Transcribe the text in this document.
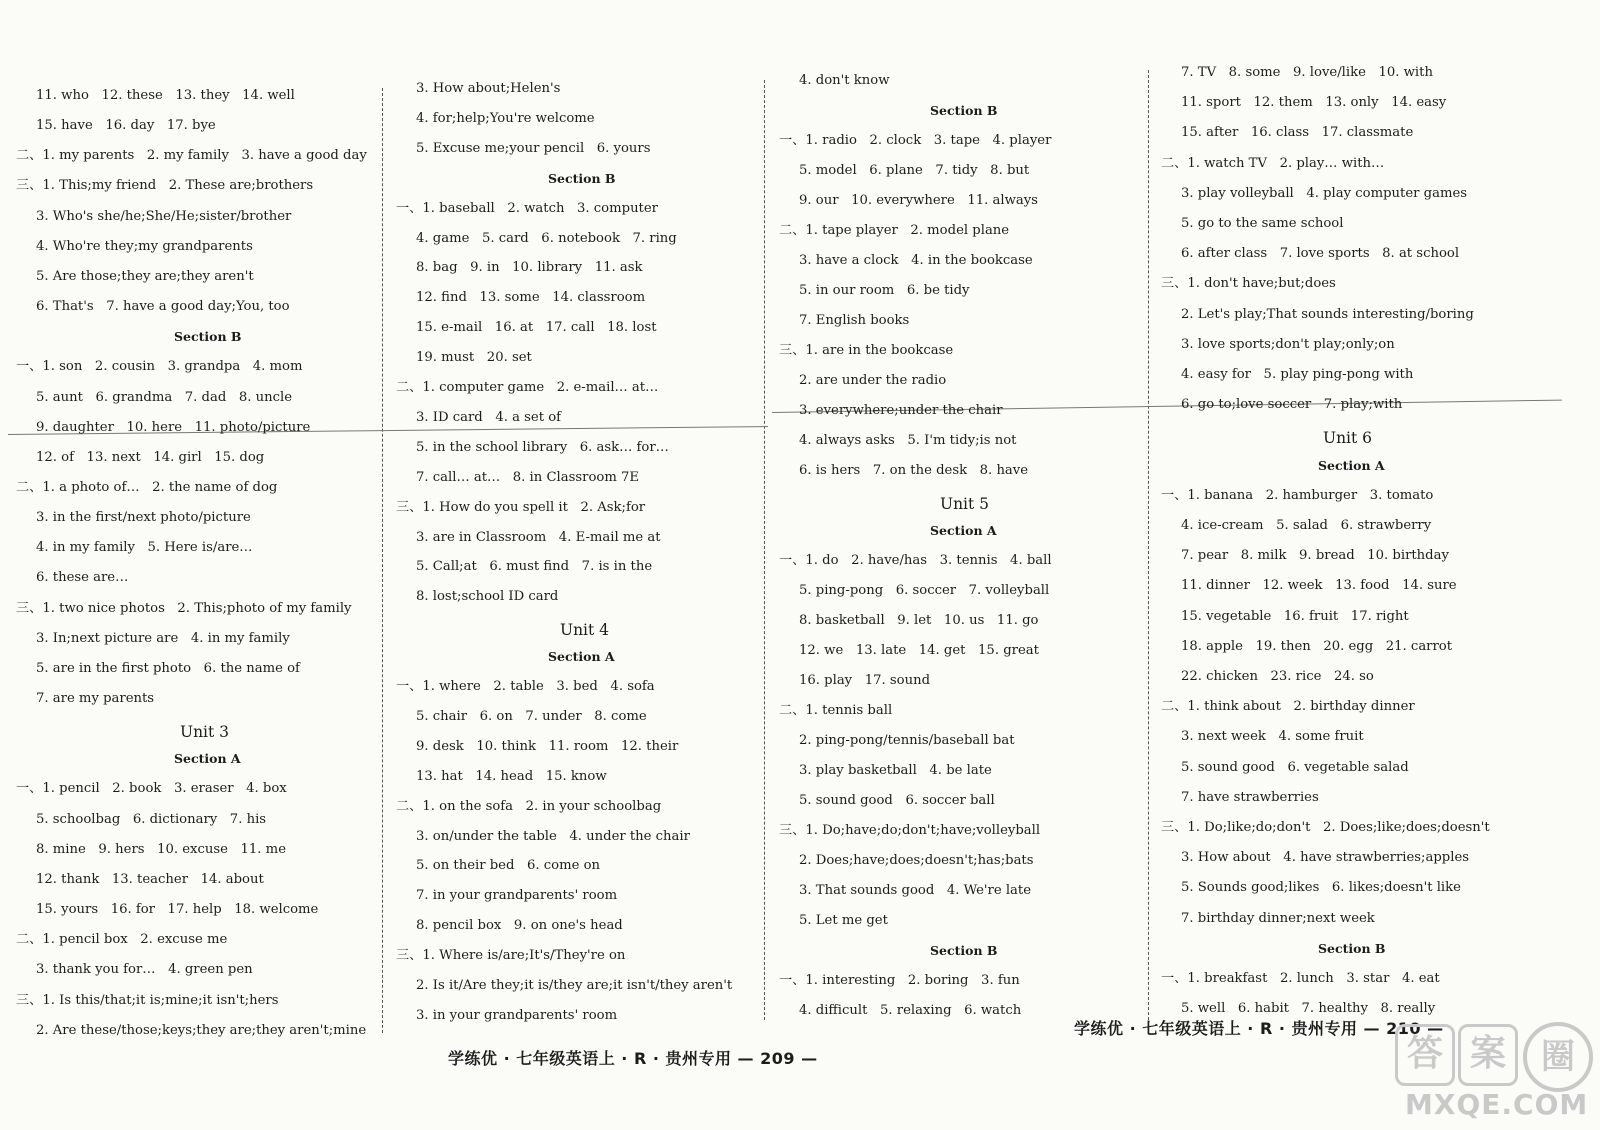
11. who   12. these   13. they   14. well
15. have   16. day   17. bye
二、1. my parents   2. my family   3. have a good day
三、1. This;my friend   2. These are;brothers
3. Who's she/he;She/He;sister/brother
4. Who're they;my grandparents
5. Are those;they are;they aren't
6. That's   7. have a good day;You, too
Section B
一、1. son   2. cousin   3. grandpa   4. mom
5. aunt   6. grandma   7. dad   8. uncle
9. daughter   10. here   11. photo/picture
12. of   13. next   14. girl   15. dog
二、1. a photo of…   2. the name of dog
3. in the first/next photo/picture
4. in my family   5. Here is/are…
6. these are…
三、1. two nice photos   2. This;photo of my family
3. In;next picture are   4. in my family
5. are in the first photo   6. the name of
7. are my parents
Unit 3
Section A
一、1. pencil   2. book   3. eraser   4. box
5. schoolbag   6. dictionary   7. his
8. mine   9. hers   10. excuse   11. me
12. thank   13. teacher   14. about
15. yours   16. for   17. help   18. welcome
二、1. pencil box   2. excuse me
3. thank you for…   4. green pen
三、1. Is this/that;it is;mine;it isn't;hers
2. Are these/those;keys;they are;they aren't;mine
3. How about;Helen's
4. for;help;You're welcome
5. Excuse me;your pencil   6. yours
Section B
一、1. baseball   2. watch   3. computer
4. game   5. card   6. notebook   7. ring
8. bag   9. in   10. library   11. ask
12. find   13. some   14. classroom
15. e-mail   16. at   17. call   18. lost
19. must   20. set
二、1. computer game   2. e-mail… at…
3. ID card   4. a set of
5. in the school library   6. ask… for…
7. call… at…   8. in Classroom 7E
三、1. How do you spell it   2. Ask;for
3. are in Classroom   4. E-mail me at
5. Call;at   6. must find   7. is in the
8. lost;school ID card
Unit 4
Section A
一、1. where   2. table   3. bed   4. sofa
5. chair   6. on   7. under   8. come
9. desk   10. think   11. room   12. their
13. hat   14. head   15. know
二、1. on the sofa   2. in your schoolbag
3. on/under the table   4. under the chair
5. on their bed   6. come on
7. in your grandparents' room
8. pencil box   9. on one's head
三、1. Where is/are;It's/They're on
2. Is it/Are they;it is/they are;it isn't/they aren't
3. in your grandparents' room
4. don't know
Section B
一、1. radio   2. clock   3. tape   4. player
5. model   6. plane   7. tidy   8. but
9. our   10. everywhere   11. always
二、1. tape player   2. model plane
3. have a clock   4. in the bookcase
5. in our room   6. be tidy
7. English books
三、1. are in the bookcase
2. are under the radio
3. everywhere;under the chair
4. always asks   5. I'm tidy;is not
6. is hers   7. on the desk   8. have
Unit 5
Section A
一、1. do   2. have/has   3. tennis   4. ball
5. ping-pong   6. soccer   7. volleyball
8. basketball   9. let   10. us   11. go
12. we   13. late   14. get   15. great
16. play   17. sound
二、1. tennis ball
2. ping-pong/tennis/baseball bat
3. play basketball   4. be late
5. sound good   6. soccer ball
三、1. Do;have;do;don't;have;volleyball
2. Does;have;does;doesn't;has;bats
3. That sounds good   4. We're late
5. Let me get
Section B
一、1. interesting   2. boring   3. fun
4. difficult   5. relaxing   6. watch
7. TV   8. some   9. love/like   10. with
11. sport   12. them   13. only   14. easy
15. after   16. class   17. classmate
二、1. watch TV   2. play… with…
3. play volleyball   4. play computer games
5. go to the same school
6. after class   7. love sports   8. at school
三、1. don't have;but;does
2. Let's play;That sounds interesting/boring
3. love sports;don't play;only;on
4. easy for   5. play ping-pong with
6. go to;love soccer   7. play;with
Unit 6
Section A
一、1. banana   2. hamburger   3. tomato
4. ice-cream   5. salad   6. strawberry
7. pear   8. milk   9. bread   10. birthday
11. dinner   12. week   13. food   14. sure
15. vegetable   16. fruit   17. right
18. apple   19. then   20. egg   21. carrot
22. chicken   23. rice   24. so
二、1. think about   2. birthday dinner
3. next week   4. some fruit
5. sound good   6. vegetable salad
7. have strawberries
三、1. Do;like;do;don't   2. Does;like;does;doesn't
3. How about   4. have strawberries;apples
5. Sounds good;likes   6. likes;doesn't like
7. birthday dinner;next week
Section B
一、1. breakfast   2. lunch   3. star   4. eat
5. well   6. habit   7. healthy   8. really
学练优 · 七年级英语上 · R · 贵州专用 — 209 —
学练优 · 七年级英语上 · R · 贵州专用 — 210 —
答 案	圈
MXQE.COM
